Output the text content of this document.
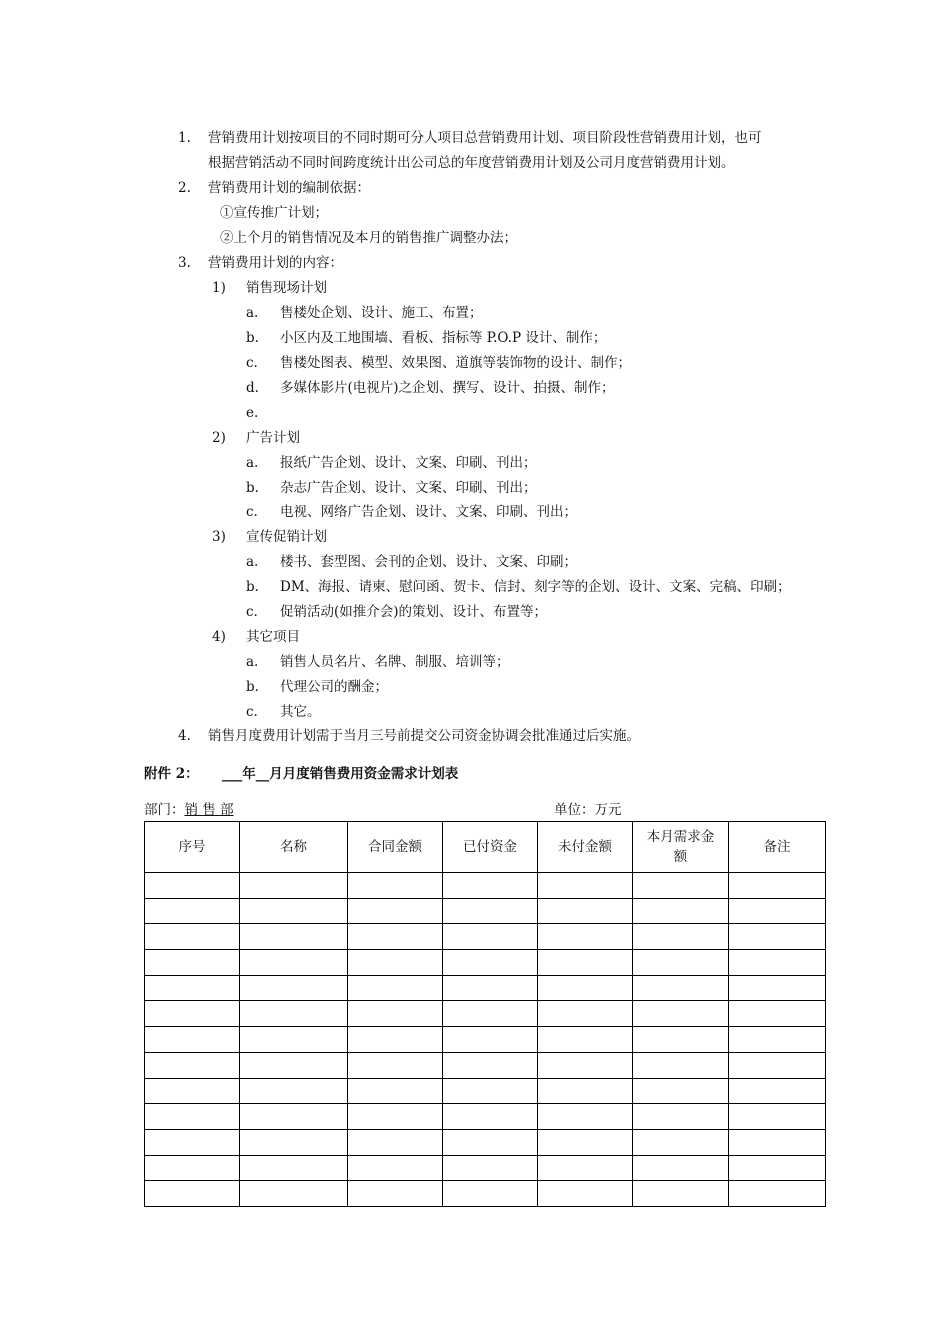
1. 营销费用计划按项目的不同时期可分人项目总营销费用计划、项目阶段性营销费用计划，也可
根据营销活动不同时间跨度统计出公司总的年度营销费用计划及公司月度营销费用计划。
2. 营销费用计划的编制依据：
①宣传推广计划；
②上个月的销售情况及本月的销售推广调整办法；
3. 营销费用计划的内容：
1) 销售现场计划
a. 售楼处企划、设计、施工、布置；
b. 小区内及工地围墙、看板、指标等 P.O.P 设计、制作；
c. 售楼处图表、模型、效果图、道旗等装饰物的设计、制作；
d. 多媒体影片(电视片)之企划、撰写、设计、拍摄、制作；
e.
2) 广告计划
a. 报纸广告企划、设计、文案、印刷、刊出；
b. 杂志广告企划、设计、文案、印刷、刊出；
c. 电视、网络广告企划、设计、文案、印刷、刊出；
3) 宣传促销计划
a. 楼书、套型图、会刊的企划、设计、文案、印刷；
b. DM、海报、请柬、慰问函、贺卡、信封、刻字等的企划、设计、文案、完稿、印刷；
c. 促销活动(如推介会)的策划、设计、布置等；
4) 其它项目
a. 销售人员名片、名牌、制服、培训等；
b. 代理公司的酬金；
c. 其它。
4. 销售月度费用计划需于当月三号前提交公司资金协调会批准通过后实施。
附件 2： ___年__月月度销售费用资金需求计划表
部门：销 售 部	单位：万元
序号	名称	合同金额	已付资金	未付金额	本月需求金额	备注
